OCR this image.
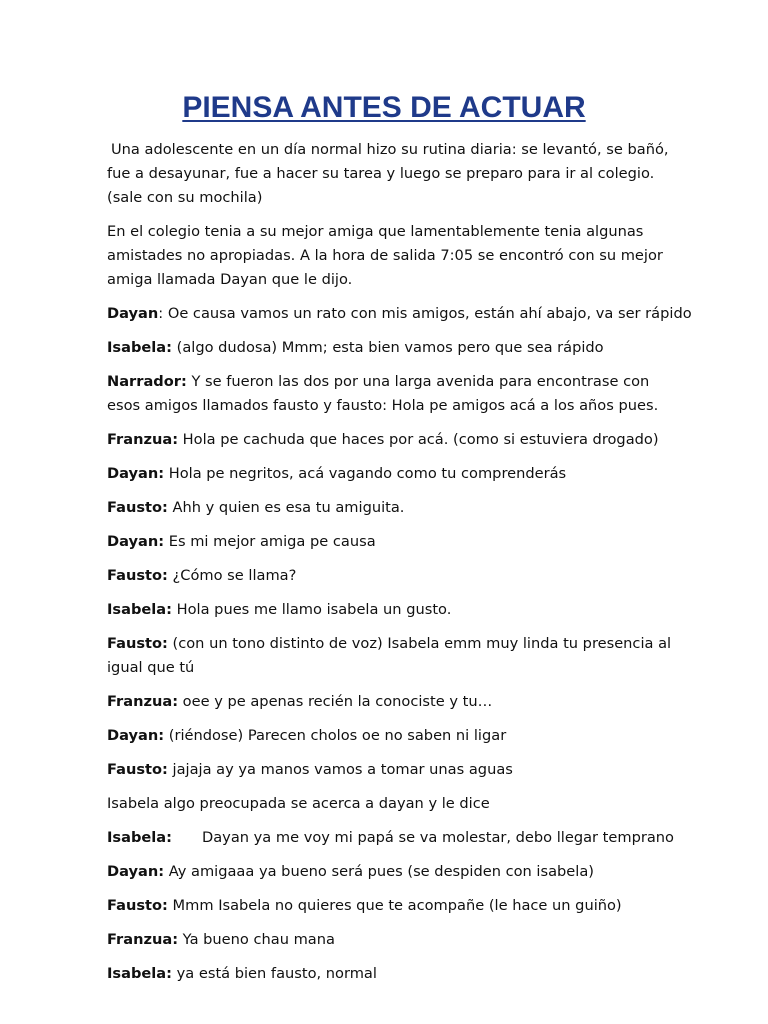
PIENSA ANTES DE ACTUAR

Una adolescente en un día normal hizo su rutina diaria: se levantó, se bañó, fue a desayunar, fue a hacer su tarea y luego se preparo para ir al colegio. (sale con su mochila)

En el colegio tenia a su mejor amiga que lamentablemente tenia algunas amistades no apropiadas. A la hora de salida 7:05 se encontró con su mejor amiga llamada Dayan que le dijo.

Dayan: Oe causa vamos un rato con mis amigos, están ahí abajo, va ser rápido

Isabela: (algo dudosa) Mmm; esta bien vamos pero que sea rápido

Narrador: Y se fueron las dos por una larga avenida para encontrase con esos amigos llamados fausto y fausto: Hola pe amigos acá a los años pues.

Franzua: Hola pe cachuda que haces por acá. (como si estuviera drogado)

Dayan: Hola pe negritos, acá vagando como tu comprenderás

Fausto: Ahh y quien es esa tu amiguita.

Dayan: Es mi mejor amiga pe causa

Fausto: ¿Cómo se llama?

Isabela: Hola pues me llamo isabela un gusto.

Fausto: (con un tono distinto de voz) Isabela emm muy linda tu presencia al igual que tú

Franzua: oee y pe apenas recién la conociste y tu…

Dayan: (riéndose) Parecen cholos oe no saben ni ligar

Fausto: jajaja ay ya manos vamos a tomar unas aguas

Isabela algo preocupada se acerca a dayan y le dice

Isabela: Dayan ya me voy mi papá se va molestar, debo llegar temprano

Dayan: Ay amigaaa ya bueno será pues (se despiden con isabela)

Fausto: Mmm Isabela no quieres que te acompañe (le hace un guiño)

Franzua: Ya bueno chau mana

Isabela: ya está bien fausto, normal
